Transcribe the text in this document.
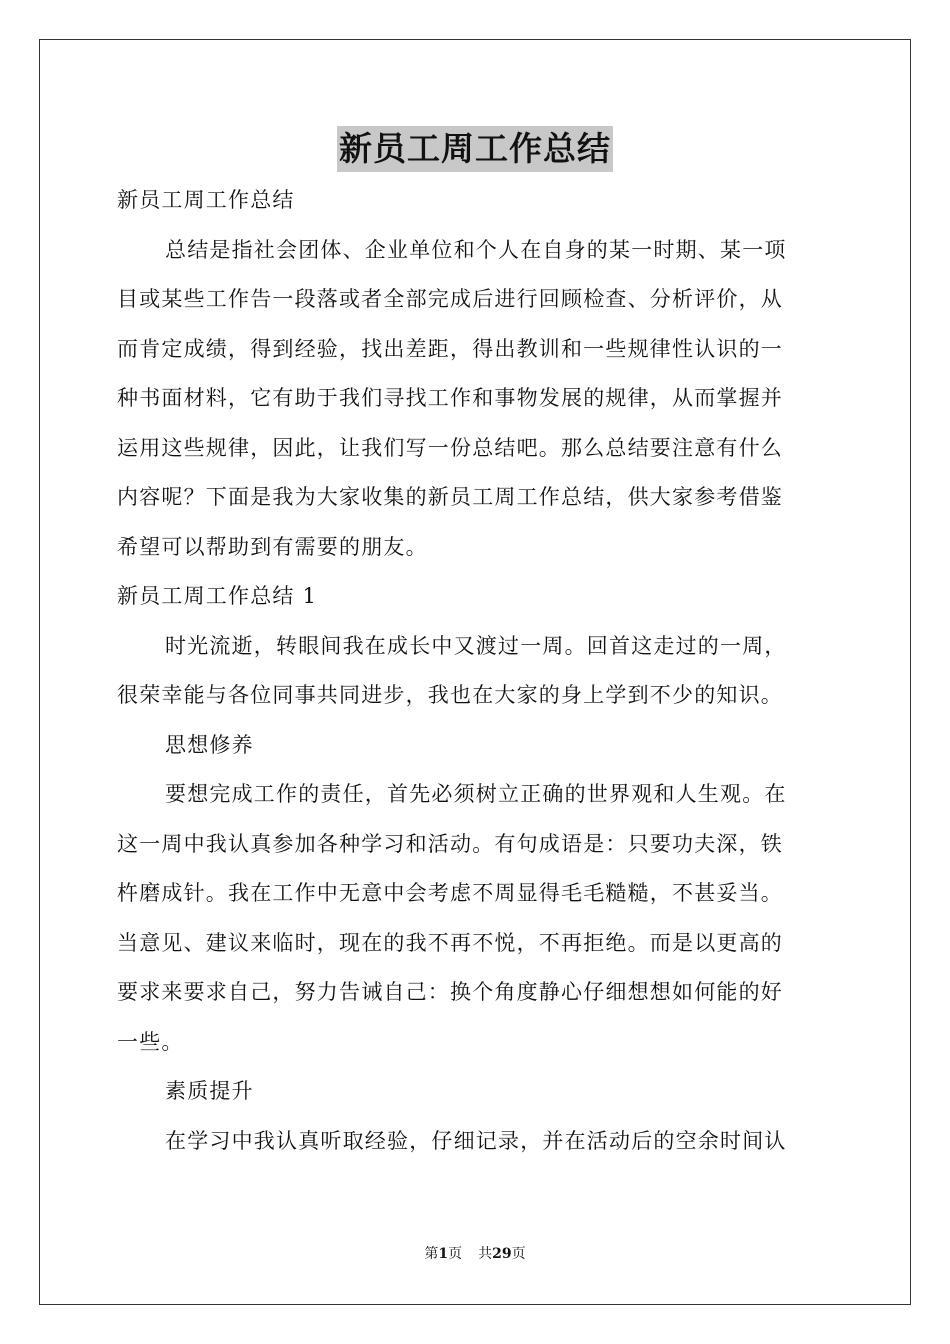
新员工周工作总结
新员工周工作总结
总结是指社会团体、企业单位和个人在自身的某一时期、某一项
目或某些工作告一段落或者全部完成后进行回顾检查、分析评价，从
而肯定成绩，得到经验，找出差距，得出教训和一些规律性认识的一
种书面材料，它有助于我们寻找工作和事物发展的规律，从而掌握并
运用这些规律，因此，让我们写一份总结吧。那么总结要注意有什么
内容呢？下面是我为大家收集的新员工周工作总结，供大家参考借鉴
希望可以帮助到有需要的朋友。
新员工周工作总结 1
时光流逝，转眼间我在成长中又渡过一周。回首这走过的一周，
很荣幸能与各位同事共同进步，我也在大家的身上学到不少的知识。
思想修养
要想完成工作的责任，首先必须树立正确的世界观和人生观。在
这一周中我认真参加各种学习和活动。有句成语是：只要功夫深，铁
杵磨成针。我在工作中无意中会考虑不周显得毛毛糙糙，不甚妥当。
当意见、建议来临时，现在的我不再不悦，不再拒绝。而是以更高的
要求来要求自己，努力告诫自己：换个角度静心仔细想想如何能的好
一些。
素质提升
在学习中我认真听取经验，仔细记录，并在活动后的空余时间认
第1页 共29页
